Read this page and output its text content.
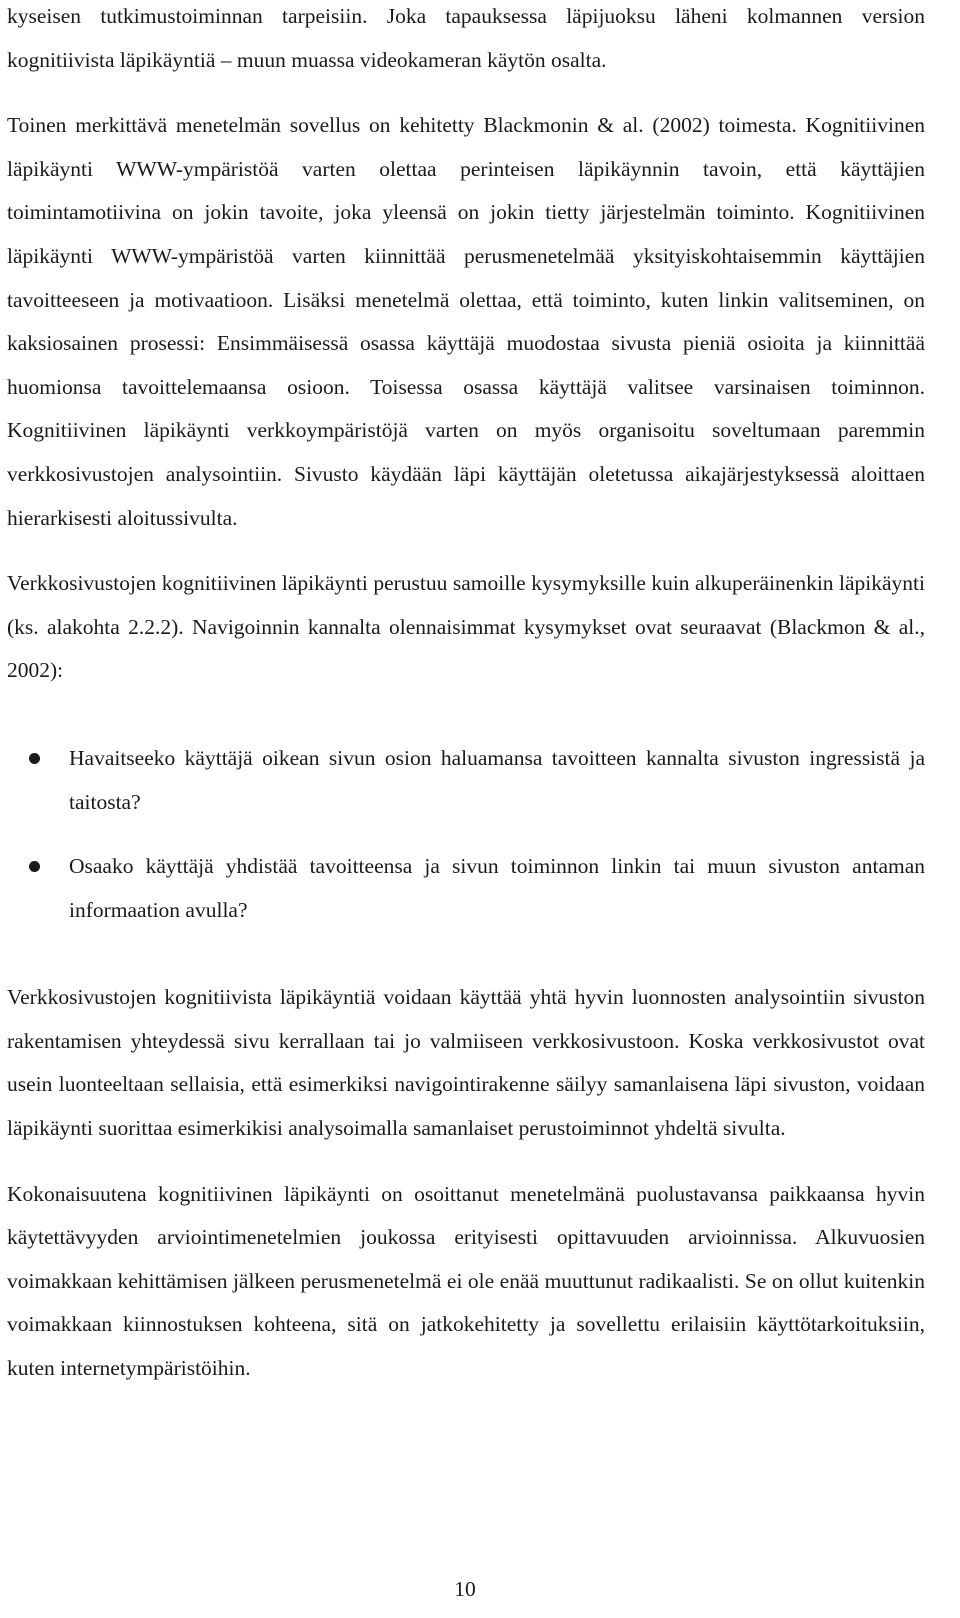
kyseisen tutkimustoiminnan tarpeisiin. Joka tapauksessa läpijuoksu läheni kolmannen version kognitiivista läpikäyntiä – muun muassa videokameran käytön osalta.

Toinen merkittävä menetelmän sovellus on kehitetty Blackmonin & al. (2002) toimesta. Kognitiivinen läpikäynti WWW-ympäristöä varten olettaa perinteisen läpikäynnin tavoin, että käyttäjien toimintamotiivina on jokin tavoite, joka yleensä on jokin tietty järjestelmän toiminto. Kognitiivinen läpikäynti WWW-ympäristöä varten kiinnittää perusmenetelmää yksityiskohtaisemmin käyttäjien tavoitteeseen ja motivaatioon. Lisäksi menetelmä olettaa, että toiminto, kuten linkin valitseminen, on kaksiosainen prosessi: Ensimmäisessä osassa käyttäjä muodostaa sivusta pieniä osioita ja kiinnittää huomionsa tavoittelemaansa osioon. Toisessa osassa käyttäjä valitsee varsinaisen toiminnon. Kognitiivinen läpikäynti verkkoympäristöjä varten on myös organisoitu soveltumaan paremmin verkkosivustojen analysointiin. Sivusto käydään läpi käyttäjän oletetussa aikajärjestyksessä aloittaen hierarkisesti aloitussivulta.

Verkkosivustojen kognitiivinen läpikäynti perustuu samoille kysymyksille kuin alkuperäinenkin läpikäynti (ks. alakohta 2.2.2). Navigoinnin kannalta olennaisimmat kysymykset ovat seuraavat (Blackmon & al., 2002):

Havaitseeko käyttäjä oikean sivun osion haluamansa tavoitteen kannalta sivuston ingressistä ja taitosta?
Osaako käyttäjä yhdistää tavoitteensa ja sivun toiminnon linkin tai muun sivuston antaman informaation avulla?

Verkkosivustojen kognitiivista läpikäyntiä voidaan käyttää yhtä hyvin luonnosten analysointiin sivuston rakentamisen yhteydessä sivu kerrallaan tai jo valmiiseen verkkosivustoon. Koska verkkosivustot ovat usein luonteeltaan sellaisia, että esimerkiksi navigointirakenne säilyy samanlaisena läpi sivuston, voidaan läpikäynti suorittaa esimerkikisi analysoimalla samanlaiset perustoiminnot yhdeltä sivulta.

Kokonaisuutena kognitiivinen läpikäynti on osoittanut menetelmänä puolustavansa paikkaansa hyvin käytettävyyden arviointimenetelmien joukossa erityisesti opittavuuden arvioinnissa. Alkuvuosien voimakkaan kehittämisen jälkeen perusmenetelmä ei ole enää muuttunut radikaalisti. Se on ollut kuitenkin voimakkaan kiinnostuksen kohteena, sitä on jatkokehitetty ja sovellettu erilaisiin käyttötarkoituksiin, kuten internetympäristöihin.

10
